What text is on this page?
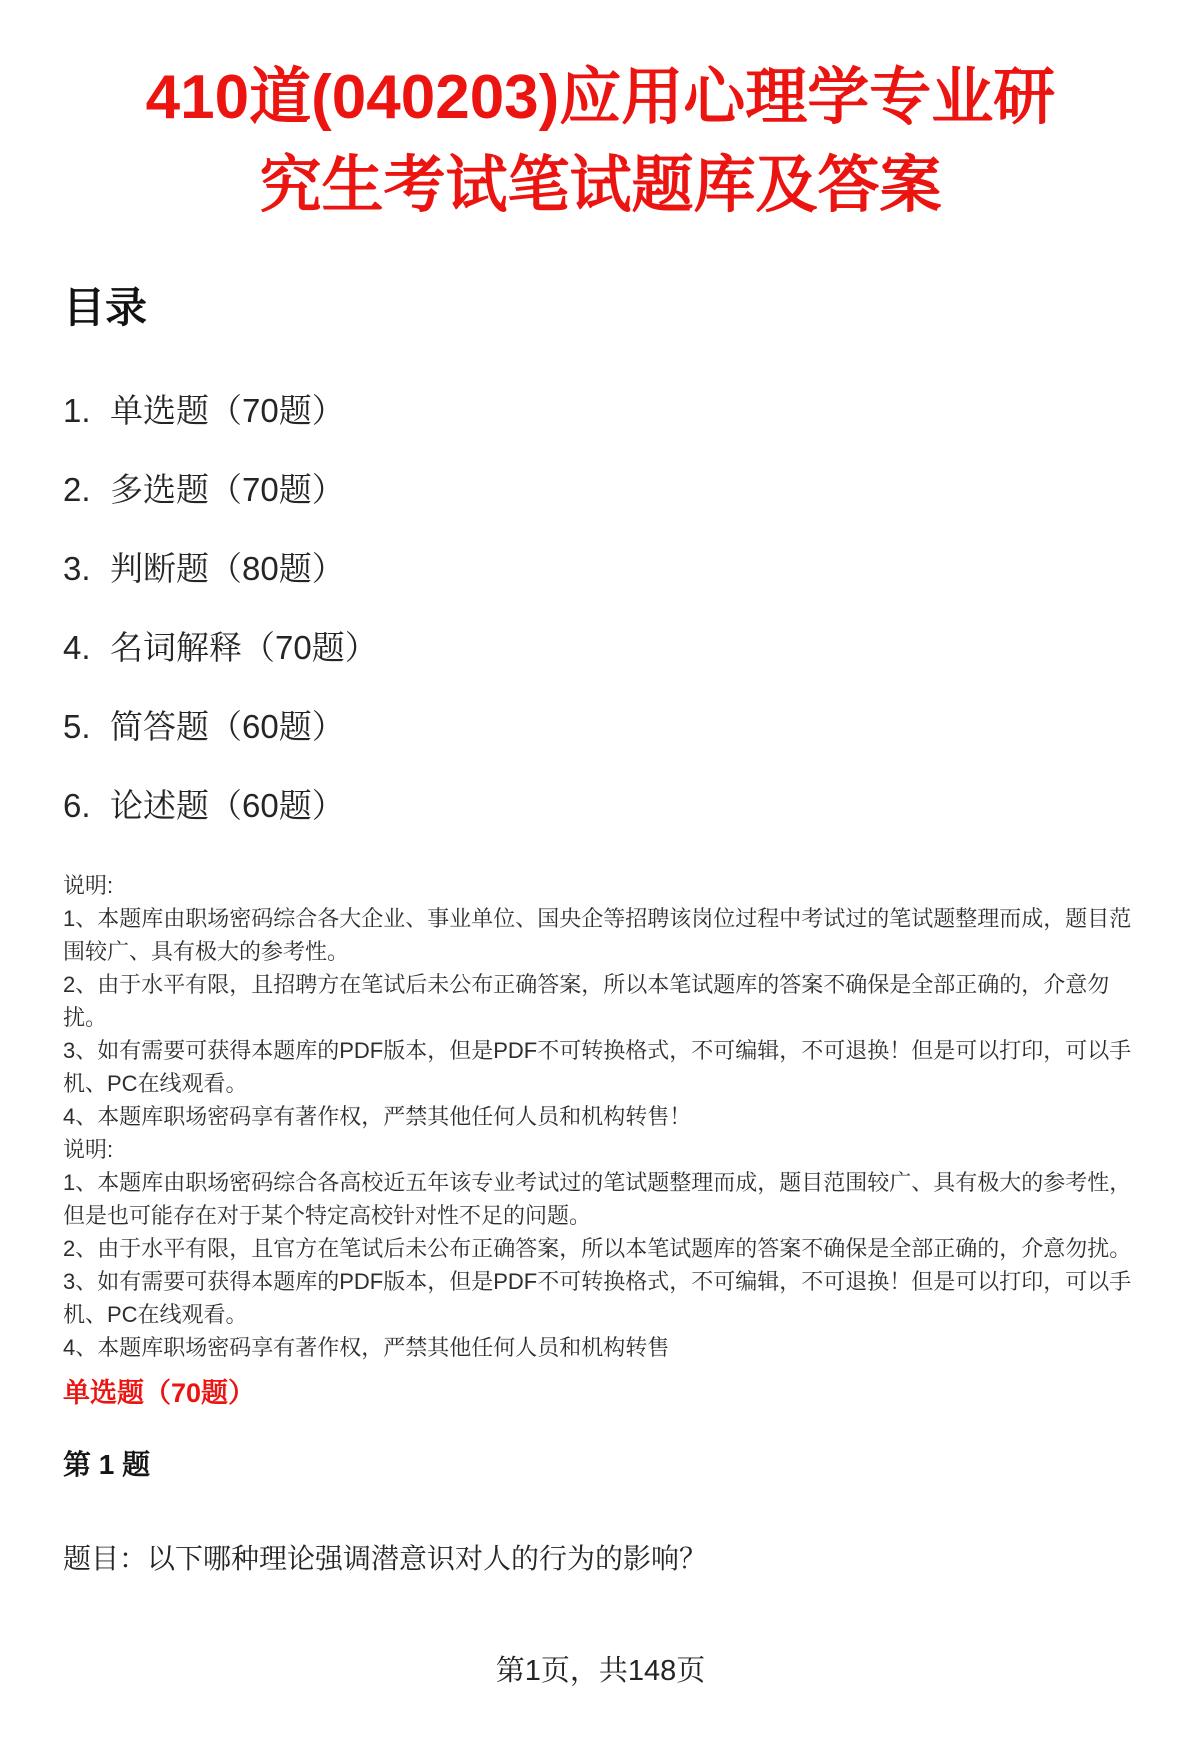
410道(040203)应用心理学专业研
究生考试笔试题库及答案
目录
1. 单选题（70题）
2. 多选题（70题）
3. 判断题（80题）
4. 名词解释（70题）
5. 简答题（60题）
6. 论述题（60题）

说明:

1、本题库由职场密码综合各大企业、事业单位、国央企等招聘该岗位过程中考试过的笔试题整理而成，题目范围较广、具有极大的参考性。

2、由于水平有限，且招聘方在笔试后未公布正确答案，所以本笔试题库的答案不确保是全部正确的，介意勿扰。

3、如有需要可获得本题库的PDF版本，但是PDF不可转换格式，不可编辑，不可退换！但是可以打印，可以手机、PC在线观看。

4、本题库职场密码享有著作权，严禁其他任何人员和机构转售！

说明:

1、本题库由职场密码综合各高校近五年该专业考试过的笔试题整理而成，题目范围较广、具有极大的参考性，但是也可能存在对于某个特定高校针对性不足的问题。

2、由于水平有限，且官方在笔试后未公布正确答案，所以本笔试题库的答案不确保是全部正确的，介意勿扰。

3、如有需要可获得本题库的PDF版本，但是PDF不可转换格式，不可编辑，不可退换！但是可以打印，可以手机、PC在线观看。

4、本题库职场密码享有著作权，严禁其他任何人员和机构转售

单选题（70题）
第 1 题

题目：以下哪种理论强调潜意识对人的行为的影响？

第1页，共148页
